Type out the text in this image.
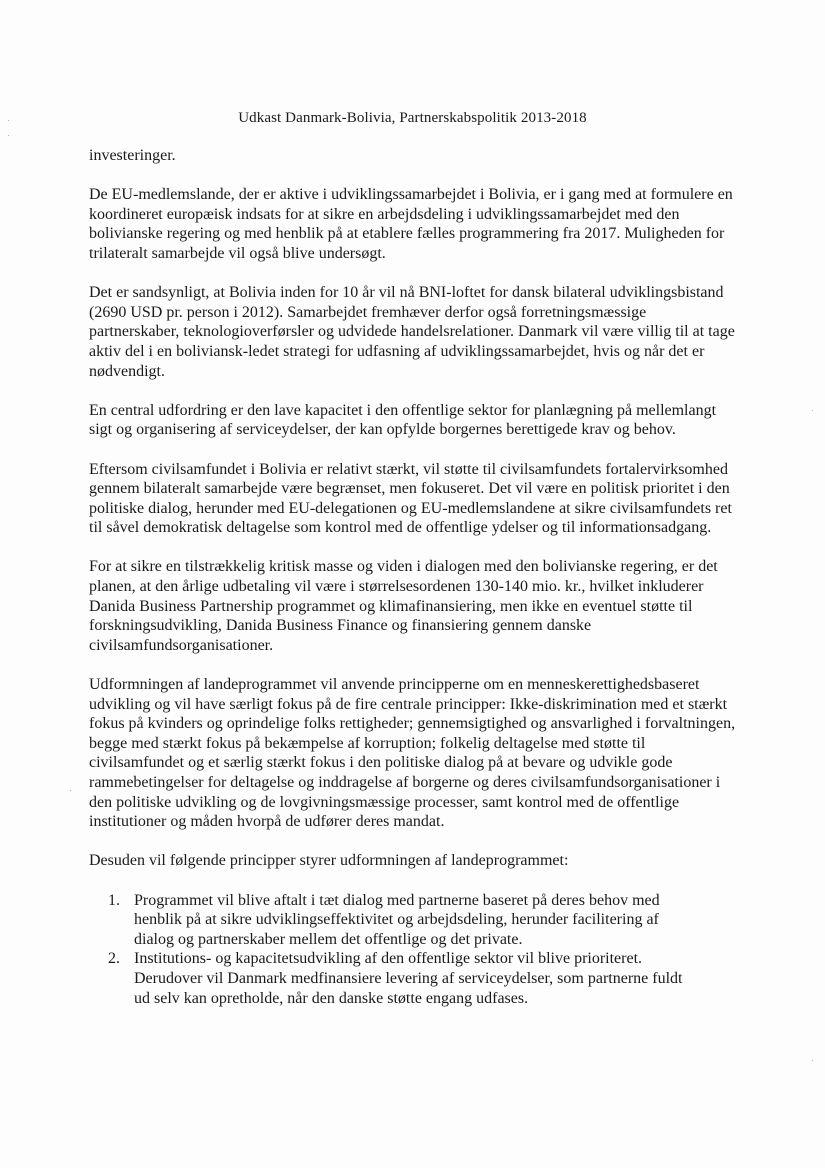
Udkast Danmark-Bolivia, Partnerskabspolitik 2013-2018

investeringer.

De EU-medlemslande, der er aktive i udviklingssamarbejdet i Bolivia, er i gang med at formulere en koordineret europæisk indsats for at sikre en arbejdsdeling i udviklingssamarbejdet med den bolivianske regering og med henblik på at etablere fælles programmering fra 2017. Muligheden for trilateralt samarbejde vil også blive undersøgt.

Det er sandsynligt, at Bolivia inden for 10 år vil nå BNI-loftet for dansk bilateral udviklingsbistand (2690 USD pr. person i 2012). Samarbejdet fremhæver derfor også forretningsmæssige partnerskaber, teknologioverførsler og udvidede handelsrelationer. Danmark vil være villig til at tage aktiv del i en boliviansk-ledet strategi for udfasning af udviklingssamarbejdet, hvis og når det er nødvendigt.

En central udfordring er den lave kapacitet i den offentlige sektor for planlægning på mellemlangt sigt og organisering af serviceydelser, der kan opfylde borgernes berettigede krav og behov.

Eftersom civilsamfundet i Bolivia er relativt stærkt, vil støtte til civilsamfundets fortalervirksomhed gennem bilateralt samarbejde være begrænset, men fokuseret. Det vil være en politisk prioritet i den politiske dialog, herunder med EU-delegationen og EU-medlemslandene at sikre civilsamfundets ret til såvel demokratisk deltagelse som kontrol med de offentlige ydelser og til informationsadgang.

For at sikre en tilstrækkelig kritisk masse og viden i dialogen med den bolivianske regering, er det planen, at den årlige udbetaling vil være i størrelsesordenen 130-140 mio. kr., hvilket inkluderer Danida Business Partnership programmet og klimafinansiering, men ikke en eventuel støtte til forskningsudvikling, Danida Business Finance og finansiering gennem danske civilsamfundsorganisationer.

Udformningen af landeprogrammet vil anvende principperne om en menneskerettighedsbaseret udvikling og vil have særligt fokus på de fire centrale principper: Ikke-diskrimination med et stærkt fokus på kvinders og oprindelige folks rettigheder; gennemsigtighed og ansvarlighed i forvaltningen, begge med stærkt fokus på bekæmpelse af korruption; folkelig deltagelse med støtte til civilsamfundet og et særlig stærkt fokus i den politiske dialog på at bevare og udvikle gode rammebetingelser for deltagelse og inddragelse af borgerne og deres civilsamfundsorganisationer i den politiske udvikling og de lovgivningsmæssige processer, samt kontrol med de offentlige institutioner og måden hvorpå de udfører deres mandat.

Desuden vil følgende principper styrer udformningen af landeprogrammet:

1. Programmet vil blive aftalt i tæt dialog med partnerne baseret på deres behov med henblik på at sikre udviklingseffektivitet og arbejdsdeling, herunder facilitering af dialog og partnerskaber mellem det offentlige og det private.
2. Institutions- og kapacitetsudvikling af den offentlige sektor vil blive prioriteret. Derudover vil Danmark medfinansiere levering af serviceydelser, som partnerne fuldt ud selv kan opretholde, når den danske støtte engang udfases.
